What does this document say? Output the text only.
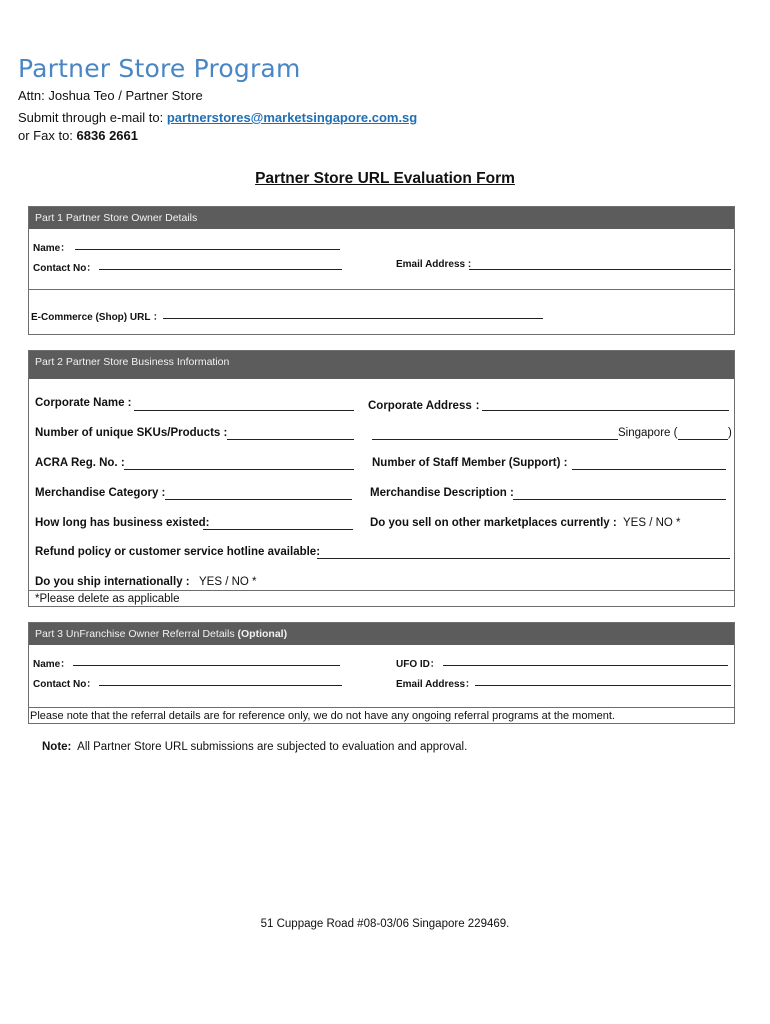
Partner Store Program
Attn: Joshua Teo / Partner Store
Submit through e-mail to: partnerstores@marketsingapore.com.sg
or Fax to: 6836 2661
Partner Store URL Evaluation Form
Part 1 Partner Store Owner Details
Name：
Contact No：	Email Address :
E-Commerce (Shop) URL ：
Part 2 Partner Store Business Information
Corporate Name :	Corporate Address ：
Number of unique SKUs/Products :	Singapore (	)
ACRA Reg. No. :	Number of Staff Member (Support) :
Merchandise Category :	Merchandise Description :
How long has business existed:	Do you sell on other marketplaces currently : YES / NO *
Refund policy or customer service hotline available:
Do you ship internationally : YES / NO *
*Please delete as applicable
Part 3 UnFranchise Owner Referral Details (Optional)
Name：	UFO ID：
Contact No：	Email Address：
Please note that the referral details are for reference only, we do not have any ongoing referral programs at the moment.
Note: All Partner Store URL submissions are subjected to evaluation and approval.
51 Cuppage Road #08-03/06 Singapore 229469.
